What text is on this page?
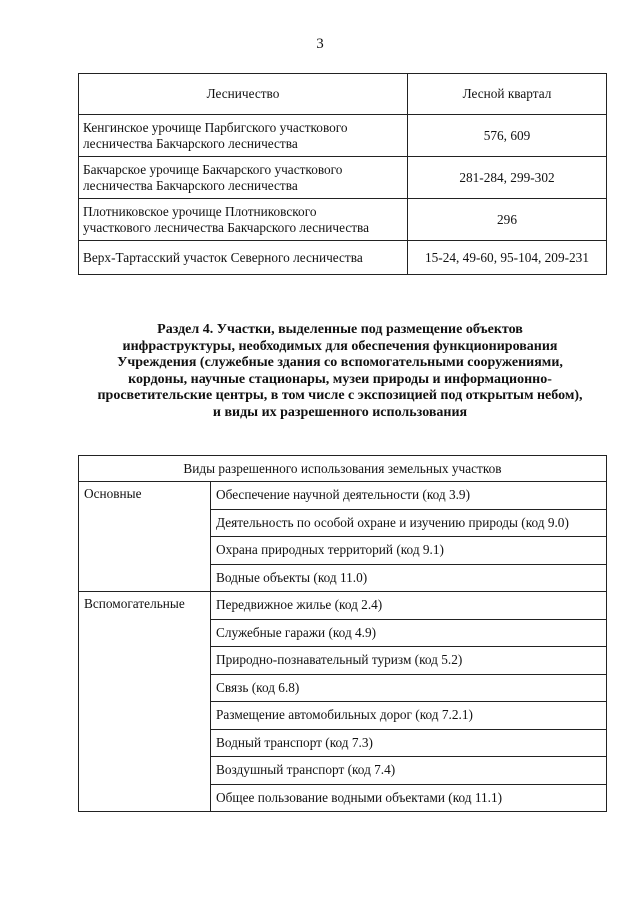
3
Лесничество	Лесной квартал
Кенгинское урочище Парбигского участкового
лесничества Бакчарского лесничества	576, 609
Бакчарское урочище Бакчарского участкового
лесничества Бакчарского лесничества	281-284, 299-302
Плотниковское урочище Плотниковского
участкового лесничества Бакчарского лесничества	296
Верх-Тартасский участок Северного лесничества	15-24, 49-60, 95-104, 209-231
Раздел 4. Участки, выделенные под размещение объектов
инфраструктуры, необходимых для обеспечения функционирования
Учреждения (служебные здания со вспомогательными сооружениями,
кордоны, научные стационары, музеи природы и информационно-
просветительские центры, в том числе с экспозицией под открытым небом),
и виды их разрешенного использования
Виды разрешенного использования земельных участков	
Основные	Обеспечение научной деятельности (код 3.9)
	Деятельность по особой охране и изучению природы (код 9.0)
	Охрана природных территорий (код 9.1)
	Водные объекты (код 11.0)
Вспомогательные	Передвижное жилье (код 2.4)
	Служебные гаражи (код 4.9)
	Природно-познавательный туризм (код 5.2)
	Связь (код 6.8)
	Размещение автомобильных дорог (код 7.2.1)
	Водный транспорт (код 7.3)
	Воздушный транспорт (код 7.4)
	Общее пользование водными объектами (код 11.1)
